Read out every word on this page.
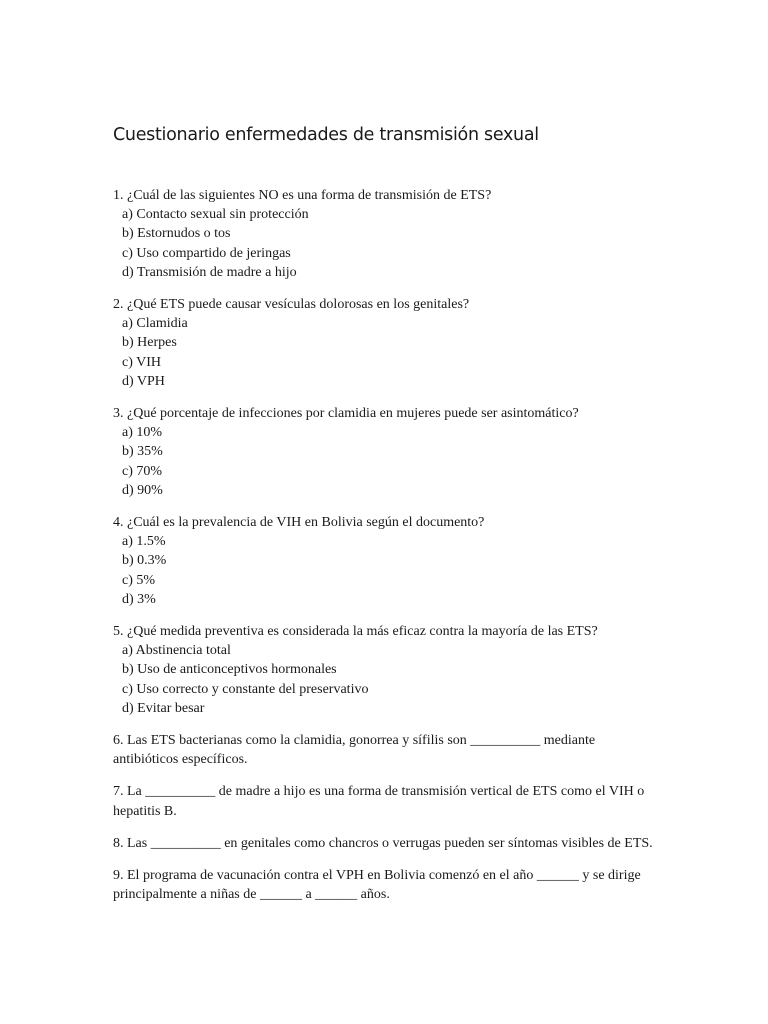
Cuestionario enfermedades de transmisión sexual
1. ¿Cuál de las siguientes NO es una forma de transmisión de ETS?
a) Contacto sexual sin protección
b) Estornudos o tos
c) Uso compartido de jeringas
d) Transmisión de madre a hijo
2. ¿Qué ETS puede causar vesículas dolorosas en los genitales?
a) Clamidia
b) Herpes
c) VIH
d) VPH
3. ¿Qué porcentaje de infecciones por clamidia en mujeres puede ser asintomático?
a) 10%
b) 35%
c) 70%
d) 90%
4. ¿Cuál es la prevalencia de VIH en Bolivia según el documento?
a) 1.5%
b) 0.3%
c) 5%
d) 3%
5. ¿Qué medida preventiva es considerada la más eficaz contra la mayoría de las ETS?
a) Abstinencia total
b) Uso de anticonceptivos hormonales
c) Uso correcto y constante del preservativo
d) Evitar besar
6. Las ETS bacterianas como la clamidia, gonorrea y sífilis son __________ mediante antibióticos específicos.
7. La __________ de madre a hijo es una forma de transmisión vertical de ETS como el VIH o hepatitis B.
8. Las __________ en genitales como chancros o verrugas pueden ser síntomas visibles de ETS.
9. El programa de vacunación contra el VPH en Bolivia comenzó en el año ______ y se dirige principalmente a niñas de ______ a ______ años.
